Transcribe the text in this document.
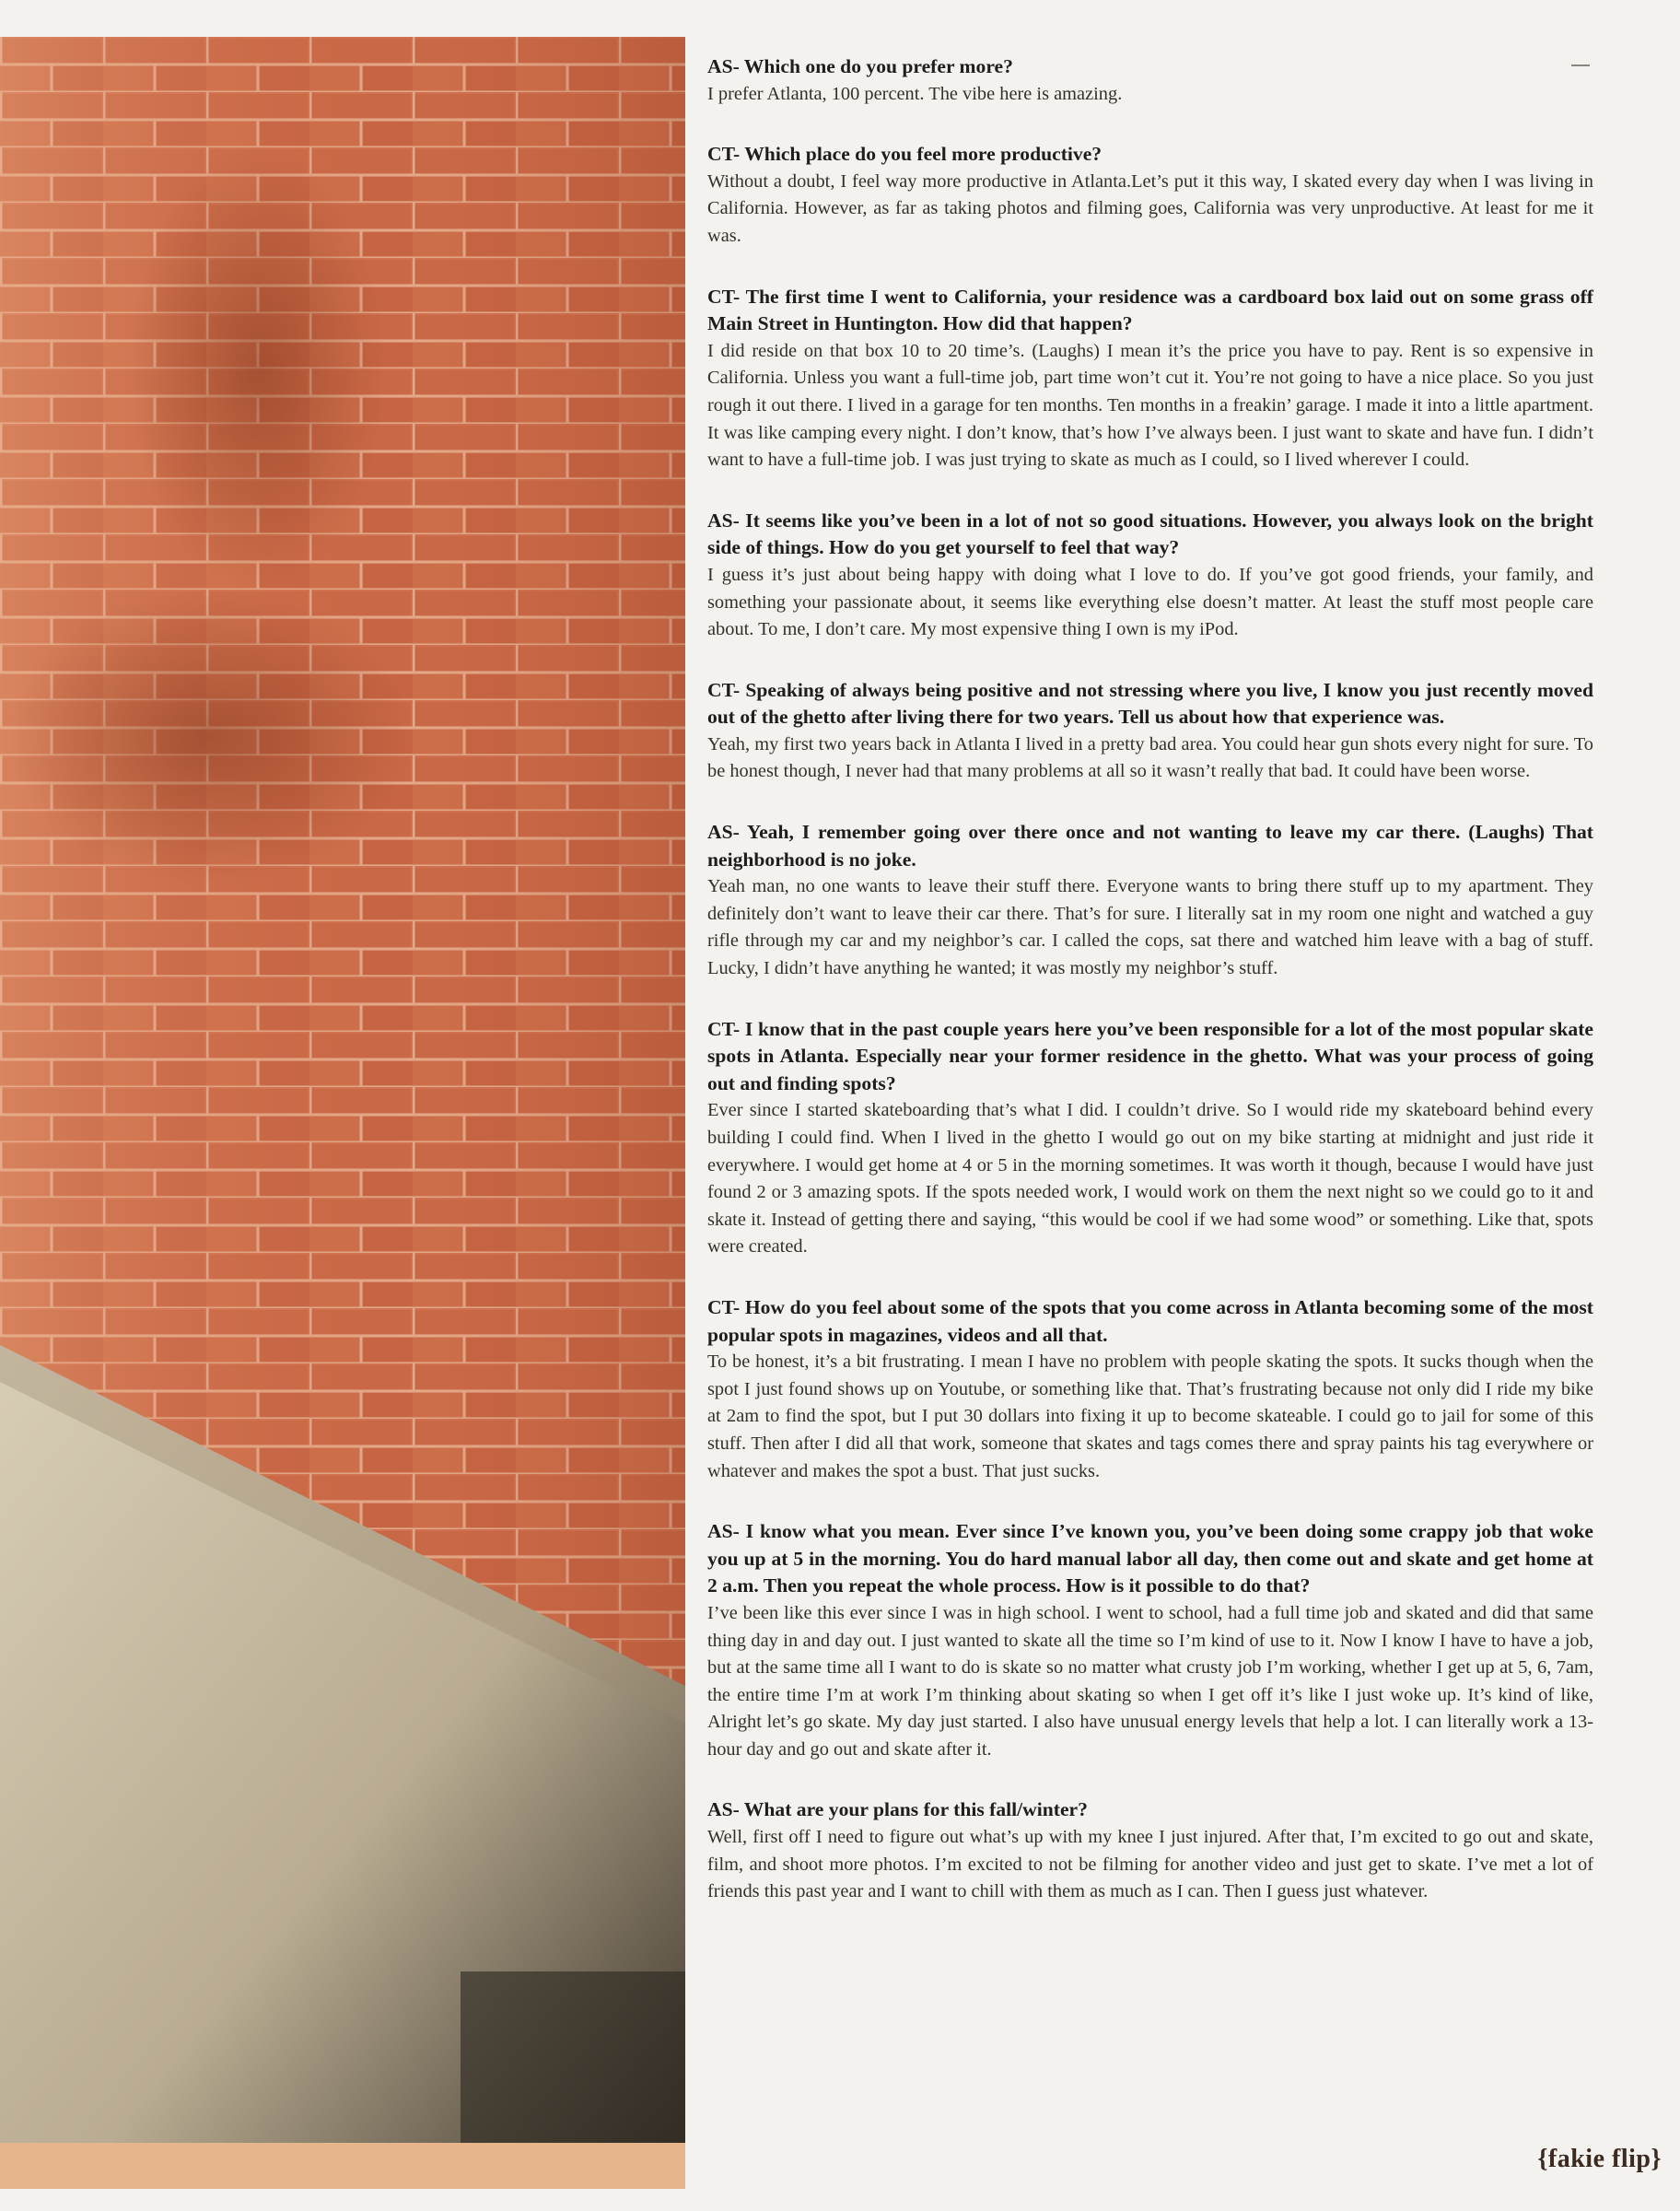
{fakie flip}
AS- Which one do you prefer more?
I prefer Atlanta, 100 percent. The vibe here is amazing.
CT- Which place do you feel more productive?
Without a doubt, I feel way more productive in Atlanta.Let’s put it this way, I skated every day when I was living in California. However, as far as taking photos and filming goes, California was very unproductive. At least for me it was.
CT- The first time I went to California, your residence was a cardboard box laid out on some grass off Main Street in Huntington. How did that happen?
I did reside on that box 10 to 20 time’s. (Laughs) I mean it’s the price you have to pay. Rent is so expensive in California. Unless you want a full-time job, part time won’t cut it. You’re not going to have a nice place. So you just rough it out there. I lived in a garage for ten months. Ten months in a freakin’ garage. I made it into a little apartment. It was like camping every night. I don’t know, that’s how I’ve always been. I just want to skate and have fun. I didn’t want to have a full-time job. I was just trying to skate as much as I could, so I lived wherever I could.
AS- It seems like you’ve been in a lot of not so good situations. However, you always look on the bright side of things. How do you get yourself to feel that way?
I guess it’s just about being happy with doing what I love to do. If you’ve got good friends, your family, and something your passionate about, it seems like everything else doesn’t matter. At least the stuff most people care about. To me, I don’t care. My most expensive thing I own is my iPod.
CT- Speaking of always being positive and not stressing where you live, I know you just recently moved out of the ghetto after living there for two years. Tell us about how that experience was.
Yeah, my first two years back in Atlanta I lived in a pretty bad area. You could hear gun shots every night for sure. To be honest though, I never had that many problems at all so it wasn’t really that bad. It could have been worse.
AS- Yeah, I remember going over there once and not wanting to leave my car there. (Laughs) That neighborhood is no joke.
Yeah man, no one wants to leave their stuff there. Everyone wants to bring there stuff up to my apartment. They definitely don’t want to leave their car there. That’s for sure. I literally sat in my room one night and watched a guy rifle through my car and my neighbor’s car. I called the cops, sat there and watched him leave with a bag of stuff. Lucky, I didn’t have anything he wanted; it was mostly my neighbor’s stuff.
CT- I know that in the past couple years here you’ve been responsible for a lot of the most popular skate spots in Atlanta. Especially near your former residence in the ghetto. What was your process of going out and finding spots?
Ever since I started skateboarding that’s what I did. I couldn’t drive. So I would ride my skateboard behind every building I could find. When I lived in the ghetto I would go out on my bike starting at midnight and just ride it everywhere. I would get home at 4 or 5 in the morning sometimes. It was worth it though, because I would have just found 2 or 3 amazing spots. If the spots needed work, I would work on them the next night so we could go to it and skate it. Instead of getting there and saying, “this would be cool if we had some wood” or something. Like that, spots were created.
CT- How do you feel about some of the spots that you come across in Atlanta becoming some of the most popular spots in magazines, videos and all that.
To be honest, it’s a bit frustrating. I mean I have no problem with people skating the spots. It sucks though when the spot I just found shows up on Youtube, or something like that. That’s frustrating because not only did I ride my bike at 2am to find the spot, but I put 30 dollars into fixing it up to become skateable. I could go to jail for some of this stuff. Then after I did all that work, someone that skates and tags comes there and spray paints his tag everywhere or whatever and makes the spot a bust. That just sucks.
AS- I know what you mean. Ever since I’ve known you, you’ve been doing some crappy job that woke you up at 5 in the morning. You do hard manual labor all day, then come out and skate and get home at 2 a.m. Then you repeat the whole process. How is it possible to do that?
I’ve been like this ever since I was in high school. I went to school, had a full time job and skated and did that same thing day in and day out. I just wanted to skate all the time so I’m kind of use to it. Now I know I have to have a job, but at the same time all I want to do is skate so no matter what crusty job I’m working, whether I get up at 5, 6, 7am, the entire time I’m at work I’m thinking about skating so when I get off it’s like I just woke up. It’s kind of like, Alright let’s go skate. My day just started. I also have unusual energy levels that help a lot. I can literally work a 13-hour day and go out and skate after it.
AS- What are your plans for this fall/winter?
Well, first off I need to figure out what’s up with my knee I just injured. After that, I’m excited to go out and skate, film, and shoot more photos. I’m excited to not be filming for another video and just get to skate. I’ve met a lot of friends this past year and I want to chill with them as much as I can. Then I guess just whatever.
